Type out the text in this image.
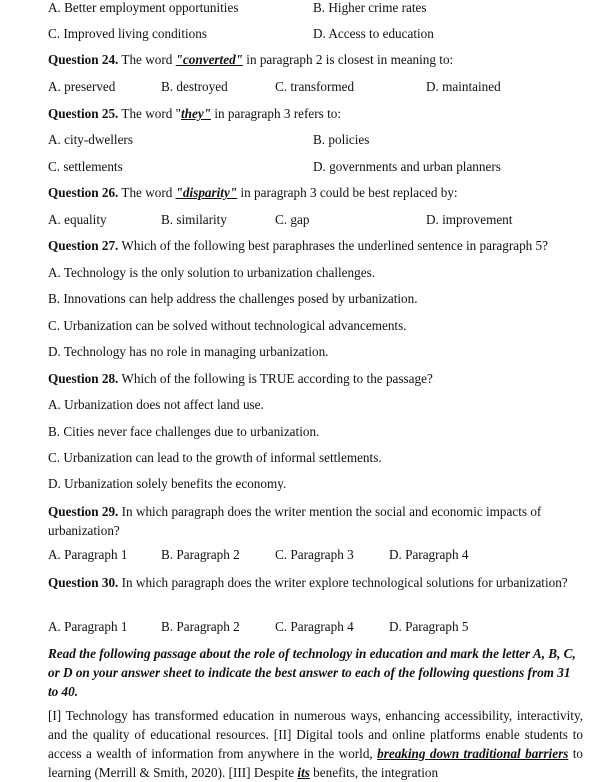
A. Better employment opportunities	B. Higher crime rates
C. Improved living conditions	D. Access to education
Question 24. The word "converted" in paragraph 2 is closest in meaning to:
A. preserved	B. destroyed	C. transformed	D. maintained
Question 25. The word "they" in paragraph 3 refers to:
A. city-dwellers	B. policies
C. settlements	D. governments and urban planners
Question 26. The word "disparity" in paragraph 3 could be best replaced by:
A. equality	B. similarity	C. gap	D. improvement
Question 27. Which of the following best paraphrases the underlined sentence in paragraph 5?
A. Technology is the only solution to urbanization challenges.
B. Innovations can help address the challenges posed by urbanization.
C. Urbanization can be solved without technological advancements.
D. Technology has no role in managing urbanization.
Question 28. Which of the following is TRUE according to the passage?
A. Urbanization does not affect land use.
B. Cities never face challenges due to urbanization.
C. Urbanization can lead to the growth of informal settlements.
D. Urbanization solely benefits the economy.
Question 29. In which paragraph does the writer mention the social and economic impacts of urbanization?
A. Paragraph 1	B. Paragraph 2	C. Paragraph 3	D. Paragraph 4
Question 30. In which paragraph does the writer explore technological solutions for urbanization?
A. Paragraph 1	B. Paragraph 2	C. Paragraph 4	D. Paragraph 5
Read the following passage about the role of technology in education and mark the letter A, B, C, or D on your answer sheet to indicate the best answer to each of the following questions from 31 to 40.
[I] Technology has transformed education in numerous ways, enhancing accessibility, interactivity, and the quality of educational resources. [II] Digital tools and online platforms enable students to access a wealth of information from anywhere in the world, breaking down traditional barriers to learning (Merrill & Smith, 2020). [III] Despite its benefits, the integration
